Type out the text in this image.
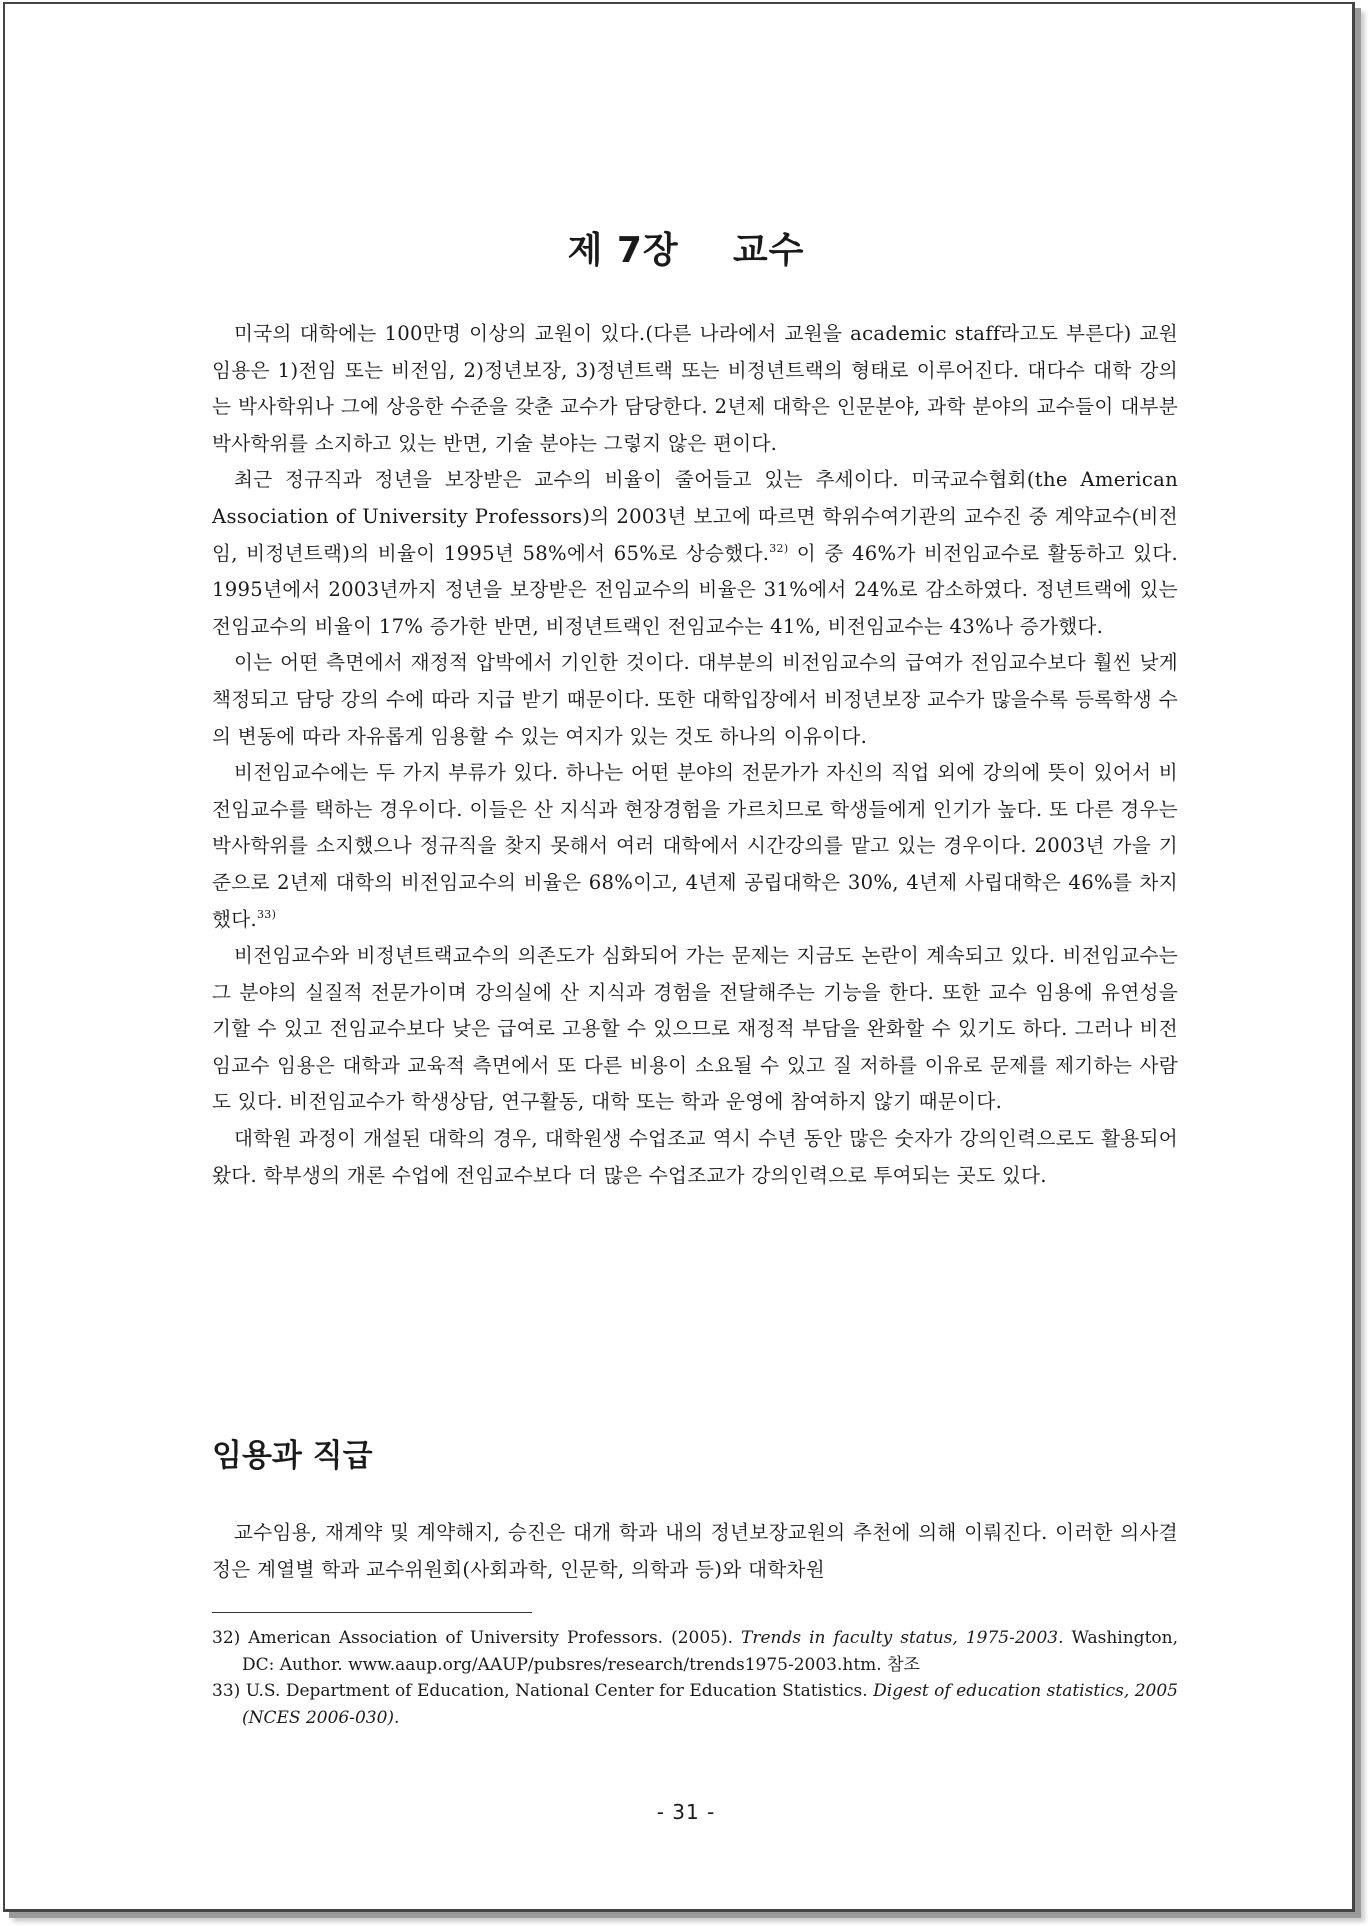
제 7장    교수

미국의 대학에는 100만명 이상의 교원이 있다.(다른 나라에서 교원을 academic staff라고도 부른다) 교원임용은 1)전임 또는 비전임, 2)정년보장, 3)정년트랙 또는 비정년트랙의 형태로 이루어진다. 대다수 대학 강의는 박사학위나 그에 상응한 수준을 갖춘 교수가 담당한다. 2년제 대학은 인문분야, 과학 분야의 교수들이 대부분 박사학위를 소지하고 있는 반면, 기술 분야는 그렇지 않은 편이다.

최근 정규직과 정년을 보장받은 교수의 비율이 줄어들고 있는 추세이다. 미국교수협회(the American Association of University Professors)의 2003년 보고에 따르면 학위수여기관의 교수진 중 계약교수(비전임, 비정년트랙)의 비율이 1995년 58%에서 65%로 상승했다.$^{32)}$ 이 중 46%가 비전임교수로 활동하고 있다. 1995년에서 2003년까지 정년을 보장받은 전임교수의 비율은 31%에서 24%로 감소하였다. 정년트랙에 있는 전임교수의 비율이 17% 증가한 반면, 비정년트랙인 전임교수는 41%, 비전임교수는 43%나 증가했다.

이는 어떤 측면에서 재정적 압박에서 기인한 것이다. 대부분의 비전임교수의 급여가 전임교수보다 훨씬 낮게 책정되고 담당 강의 수에 따라 지급 받기 때문이다. 또한 대학입장에서 비정년보장 교수가 많을수록 등록학생 수의 변동에 따라 자유롭게 임용할 수 있는 여지가 있는 것도 하나의 이유이다.

비전임교수에는 두 가지 부류가 있다. 하나는 어떤 분야의 전문가가 자신의 직업 외에 강의에 뜻이 있어서 비전임교수를 택하는 경우이다. 이들은 산 지식과 현장경험을 가르치므로 학생들에게 인기가 높다. 또 다른 경우는 박사학위를 소지했으나 정규직을 찾지 못해서 여러 대학에서 시간강의를 맡고 있는 경우이다. 2003년 가을 기준으로 2년제 대학의 비전임교수의 비율은 68%이고, 4년제 공립대학은 30%, 4년제 사립대학은 46%를 차지했다.$^{33)}$

비전임교수와 비정년트랙교수의 의존도가 심화되어 가는 문제는 지금도 논란이 계속되고 있다. 비전임교수는 그 분야의 실질적 전문가이며 강의실에 산 지식과 경험을 전달해주는 기능을 한다. 또한 교수 임용에 유연성을 기할 수 있고 전임교수보다 낮은 급여로 고용할 수 있으므로 재정적 부담을 완화할 수 있기도 하다. 그러나 비전임교수 임용은 대학과 교육적 측면에서 또 다른 비용이 소요될 수 있고 질 저하를 이유로 문제를 제기하는 사람도 있다. 비전임교수가 학생상담, 연구활동, 대학 또는 학과 운영에 참여하지 않기 때문이다.

대학원 과정이 개설된 대학의 경우, 대학원생 수업조교 역시 수년 동안 많은 숫자가 강의인력으로도 활용되어 왔다. 학부생의 개론 수업에 전임교수보다 더 많은 수업조교가 강의인력으로 투여되는 곳도 있다.

임용과 직급

교수임용, 재계약 및 계약해지, 승진은 대개 학과 내의 정년보장교원의 추천에 의해 이뤄진다. 이러한 의사결정은 계열별 학과 교수위원회(사회과학, 인문학, 의학과 등)와 대학차원

32) American Association of University Professors. (2005). Trends in faculty status, 1975-2003. Washington, DC: Author. www.aaup.org/AAUP/pubsres/research/trends1975-2003.htm. 참조

33) U.S. Department of Education, National Center for Education Statistics. Digest of education statistics, 2005 (NCES 2006-030).

- 31 -
